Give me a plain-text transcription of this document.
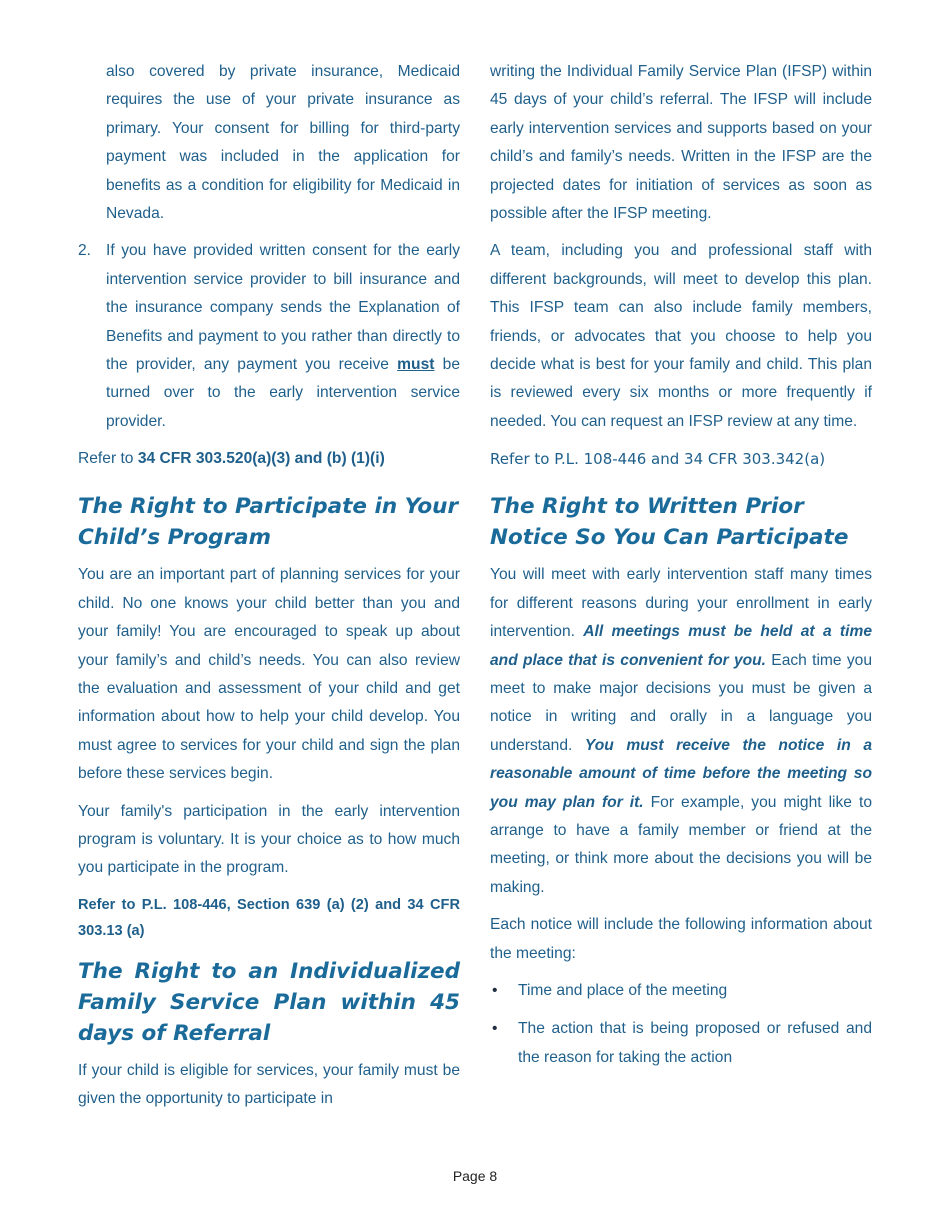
also covered by private insurance, Medicaid requires the use of your private insurance as primary. Your consent for billing for third-party payment was included in the application for benefits as a condition for eligibility for Medicaid in Nevada.

2. If you have provided written consent for the early intervention service provider to bill insurance and the insurance company sends the Explanation of Benefits and payment to you rather than directly to the provider, any payment you receive must be turned over to the early intervention service provider.

Refer to 34 CFR 303.520(a)(3) and (b) (1)(i)

The Right to Participate in Your Child’s Program

You are an important part of planning services for your child. No one knows your child better than you and your family! You are encouraged to speak up about your family’s and child’s needs. You can also review the evaluation and assessment of your child and get information about how to help your child develop. You must agree to services for your child and sign the plan before these services begin.

Your family's participation in the early intervention program is voluntary. It is your choice as to how much you participate in the program.

Refer to P.L. 108-446, Section 639 (a) (2) and 34 CFR 303.13 (a)

The Right to an Individualized Family Service Plan within 45 days of Referral

If your child is eligible for services, your family must be given the opportunity to participate in

writing the Individual Family Service Plan (IFSP) within 45 days of your child’s referral. The IFSP will include early intervention services and supports based on your child’s and family’s needs. Written in the IFSP are the projected dates for initiation of services as soon as possible after the IFSP meeting.

A team, including you and professional staff with different backgrounds, will meet to develop this plan. This IFSP team can also include family members, friends, or advocates that you choose to help you decide what is best for your family and child. This plan is reviewed every six months or more frequently if needed. You can request an IFSP review at any time.

Refer to P.L. 108-446 and 34 CFR 303.342(a)

The Right to Written Prior Notice So You Can Participate

You will meet with early intervention staff many times for different reasons during your enrollment in early intervention. All meetings must be held at a time and place that is convenient for you. Each time you meet to make major decisions you must be given a notice in writing and orally in a language you understand. You must receive the notice in a reasonable amount of time before the meeting so you may plan for it. For example, you might like to arrange to have a family member or friend at the meeting, or think more about the decisions you will be making.

Each notice will include the following information about the meeting:

• Time and place of the meeting
• The action that is being proposed or refused and the reason for taking the action
Page 8
